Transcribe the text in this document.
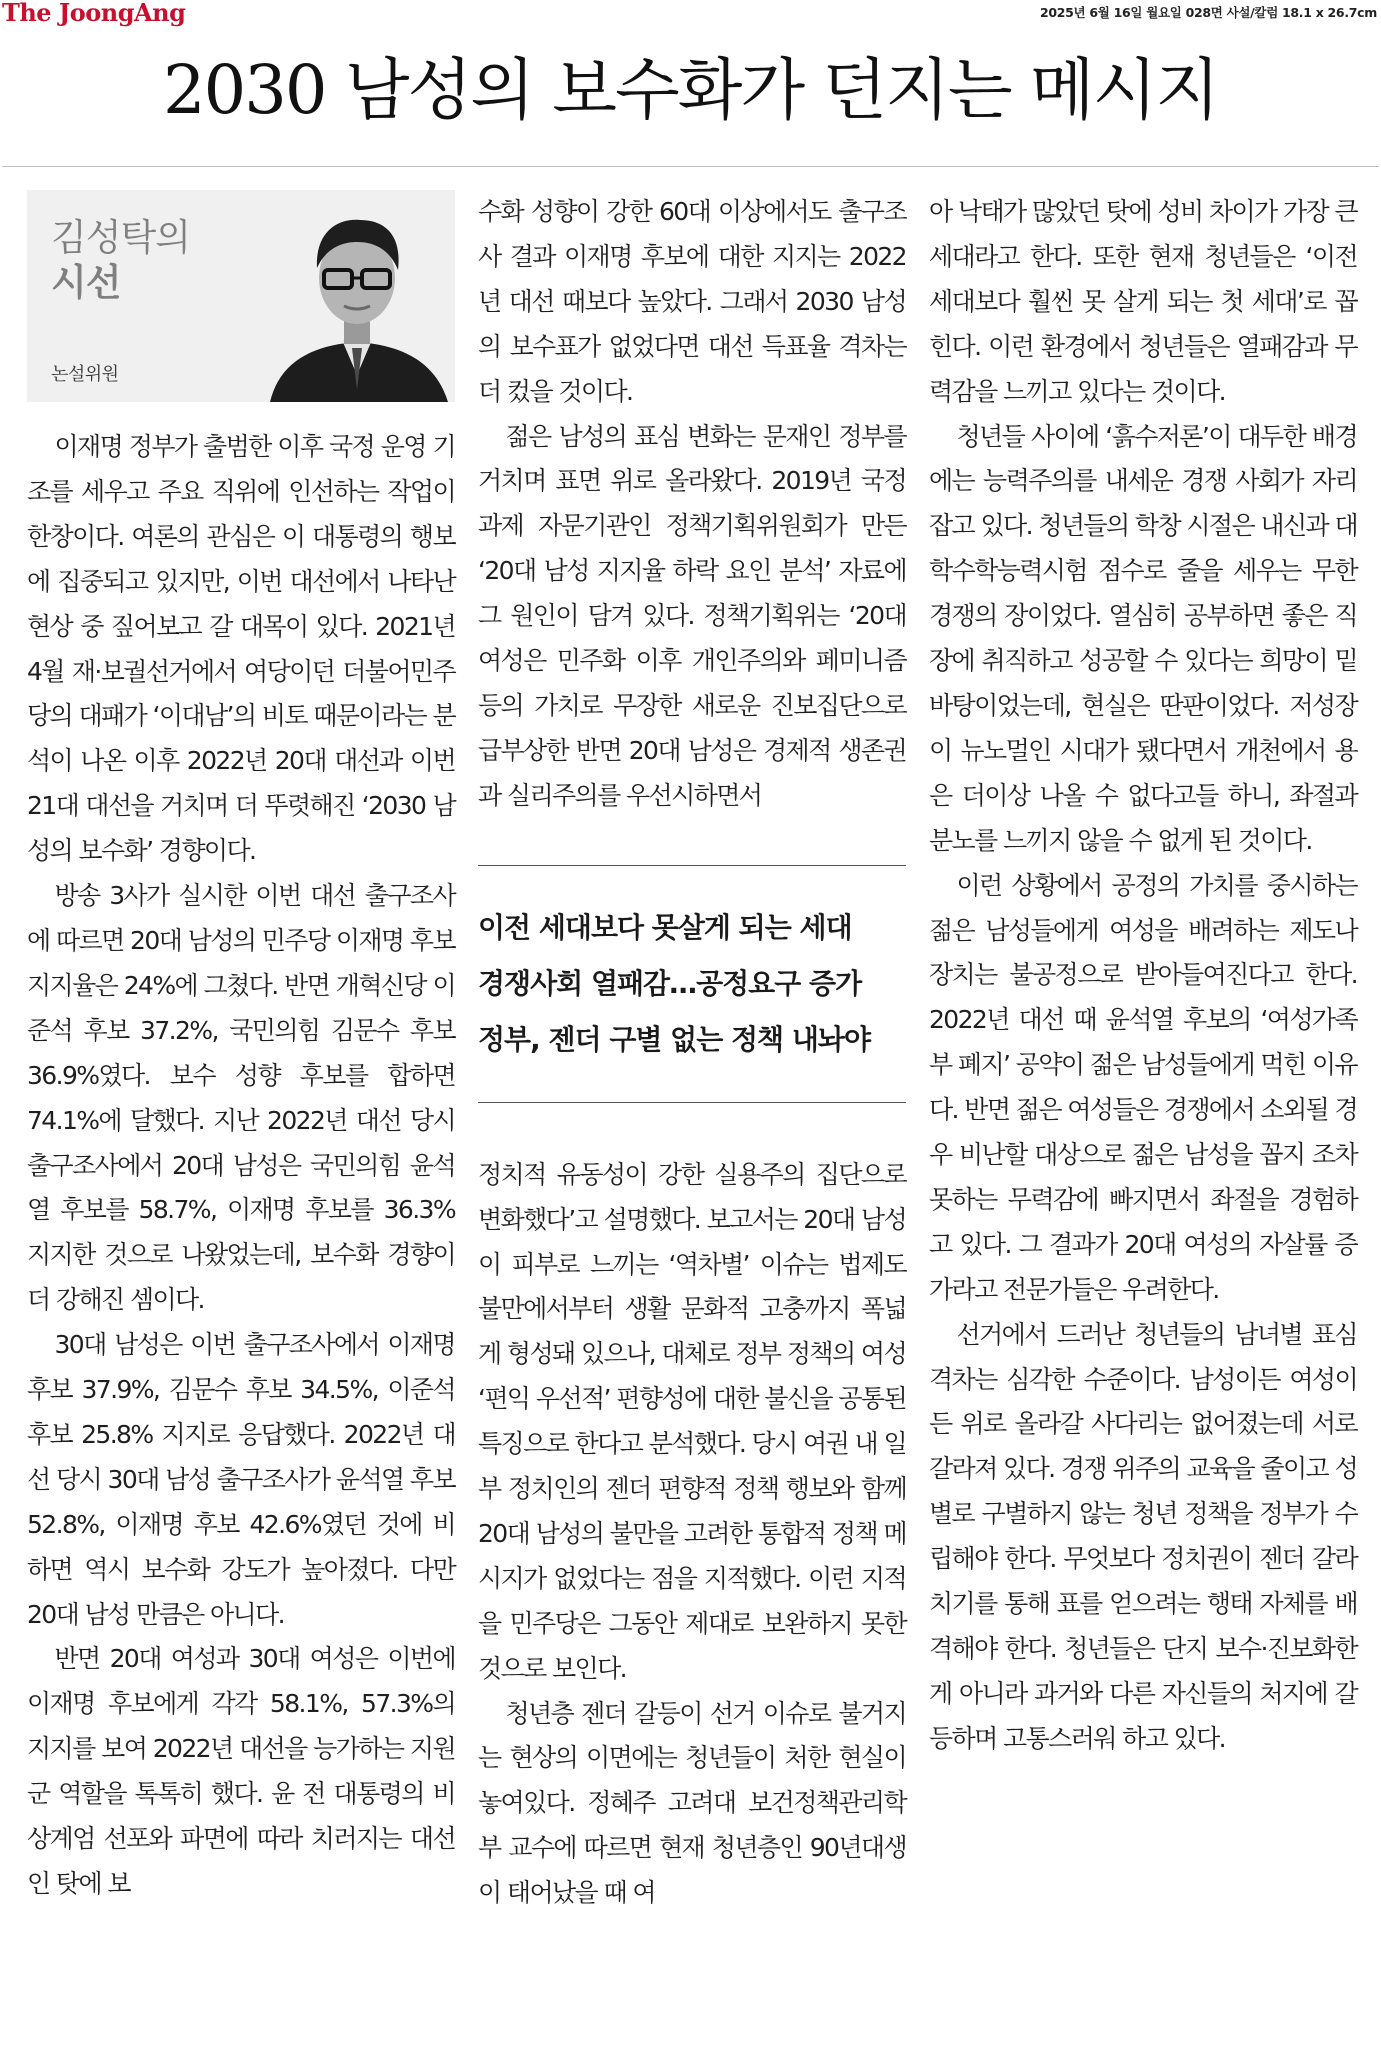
The JoongAng	2025년 6월 16일 월요일 028면 사설/칼럼 18.1 x 26.7cm
2030 남성의 보수화가 던지는 메시지
김성탁의
시선
논설위원

이재명 정부가 출범한 이후 국정 운영 기조를 세우고 주요 직위에 인선하는 작업이 한창이다. 여론의 관심은 이 대통령의 행보에 집중되고 있지만, 이번 대선에서 나타난 현상 중 짚어보고 갈 대목이 있다. 2021년 4월 재·보궐선거에서 여당이던 더불어민주당의 대패가 ‘이대남’의 비토 때문이라는 분석이 나온 이후 2022년 20대 대선과 이번 21대 대선을 거치며 더 뚜렷해진 ‘2030 남성의 보수화’ 경향이다.

방송 3사가 실시한 이번 대선 출구조사에 따르면 20대 남성의 민주당 이재명 후보 지지율은 24%에 그쳤다. 반면 개혁신당 이준석 후보 37.2%, 국민의힘 김문수 후보 36.9%였다. 보수 성향 후보를 합하면 74.1%에 달했다. 지난 2022년 대선 당시 출구조사에서 20대 남성은 국민의힘 윤석열 후보를 58.7%, 이재명 후보를 36.3% 지지한 것으로 나왔었는데, 보수화 경향이 더 강해진 셈이다.

30대 남성은 이번 출구조사에서 이재명 후보 37.9%, 김문수 후보 34.5%, 이준석 후보 25.8% 지지로 응답했다. 2022년 대선 당시 30대 남성 출구조사가 윤석열 후보 52.8%, 이재명 후보 42.6%였던 것에 비하면 역시 보수화 강도가 높아졌다. 다만 20대 남성 만큼은 아니다.

반면 20대 여성과 30대 여성은 이번에 이재명 후보에게 각각 58.1%, 57.3%의 지지를 보여 2022년 대선을 능가하는 지원군 역할을 톡톡히 했다. 윤 전 대통령의 비상계엄 선포와 파면에 따라 치러지는 대선인 탓에 보

수화 성향이 강한 60대 이상에서도 출구조사 결과 이재명 후보에 대한 지지는 2022년 대선 때보다 높았다. 그래서 2030 남성의 보수표가 없었다면 대선 득표율 격차는 더 컸을 것이다.

젊은 남성의 표심 변화는 문재인 정부를 거치며 표면 위로 올라왔다. 2019년 국정과제 자문기관인 정책기획위원회가 만든 ‘20대 남성 지지율 하락 요인 분석’ 자료에 그 원인이 담겨 있다. 정책기획위는 ‘20대 여성은 민주화 이후 개인주의와 페미니즘 등의 가치로 무장한 새로운 진보집단으로 급부상한 반면 20대 남성은 경제적 생존권과 실리주의를 우선시하면서

이전 세대보다 못살게 되는 세대
경쟁사회 열패감…공정요구 증가
정부, 젠더 구별 없는 정책 내놔야

정치적 유동성이 강한 실용주의 집단으로 변화했다’고 설명했다. 보고서는 20대 남성이 피부로 느끼는 ‘역차별’ 이슈는 법제도 불만에서부터 생활 문화적 고충까지 폭넓게 형성돼 있으나, 대체로 정부 정책의 여성 ‘편익 우선적’ 편향성에 대한 불신을 공통된 특징으로 한다고 분석했다. 당시 여권 내 일부 정치인의 젠더 편향적 정책 행보와 함께 20대 남성의 불만을 고려한 통합적 정책 메시지가 없었다는 점을 지적했다. 이런 지적을 민주당은 그동안 제대로 보완하지 못한 것으로 보인다.

청년층 젠더 갈등이 선거 이슈로 불거지는 현상의 이면에는 청년들이 처한 현실이 놓여있다. 정혜주 고려대 보건정책관리학부 교수에 따르면 현재 청년층인 90년대생이 태어났을 때 여

아 낙태가 많았던 탓에 성비 차이가 가장 큰 세대라고 한다. 또한 현재 청년들은 ‘이전 세대보다 훨씬 못 살게 되는 첫 세대’로 꼽힌다. 이런 환경에서 청년들은 열패감과 무력감을 느끼고 있다는 것이다.

청년들 사이에 ‘흙수저론’이 대두한 배경에는 능력주의를 내세운 경쟁 사회가 자리 잡고 있다. 청년들의 학창 시절은 내신과 대학수학능력시험 점수로 줄을 세우는 무한 경쟁의 장이었다. 열심히 공부하면 좋은 직장에 취직하고 성공할 수 있다는 희망이 밑바탕이었는데, 현실은 딴판이었다. 저성장이 뉴노멀인 시대가 됐다면서 개천에서 용은 더이상 나올 수 없다고들 하니, 좌절과 분노를 느끼지 않을 수 없게 된 것이다.

이런 상황에서 공정의 가치를 중시하는 젊은 남성들에게 여성을 배려하는 제도나 장치는 불공정으로 받아들여진다고 한다. 2022년 대선 때 윤석열 후보의 ‘여성가족부 폐지’ 공약이 젊은 남성들에게 먹힌 이유다. 반면 젊은 여성들은 경쟁에서 소외될 경우 비난할 대상으로 젊은 남성을 꼽지 조차 못하는 무력감에 빠지면서 좌절을 경험하고 있다. 그 결과가 20대 여성의 자살률 증가라고 전문가들은 우려한다.

선거에서 드러난 청년들의 남녀별 표심 격차는 심각한 수준이다. 남성이든 여성이든 위로 올라갈 사다리는 없어졌는데 서로 갈라져 있다. 경쟁 위주의 교육을 줄이고 성별로 구별하지 않는 청년 정책을 정부가 수립해야 한다. 무엇보다 정치권이 젠더 갈라치기를 통해 표를 얻으려는 행태 자체를 배격해야 한다. 청년들은 단지 보수·진보화한 게 아니라 과거와 다른 자신들의 처지에 갈등하며 고통스러워 하고 있다.
